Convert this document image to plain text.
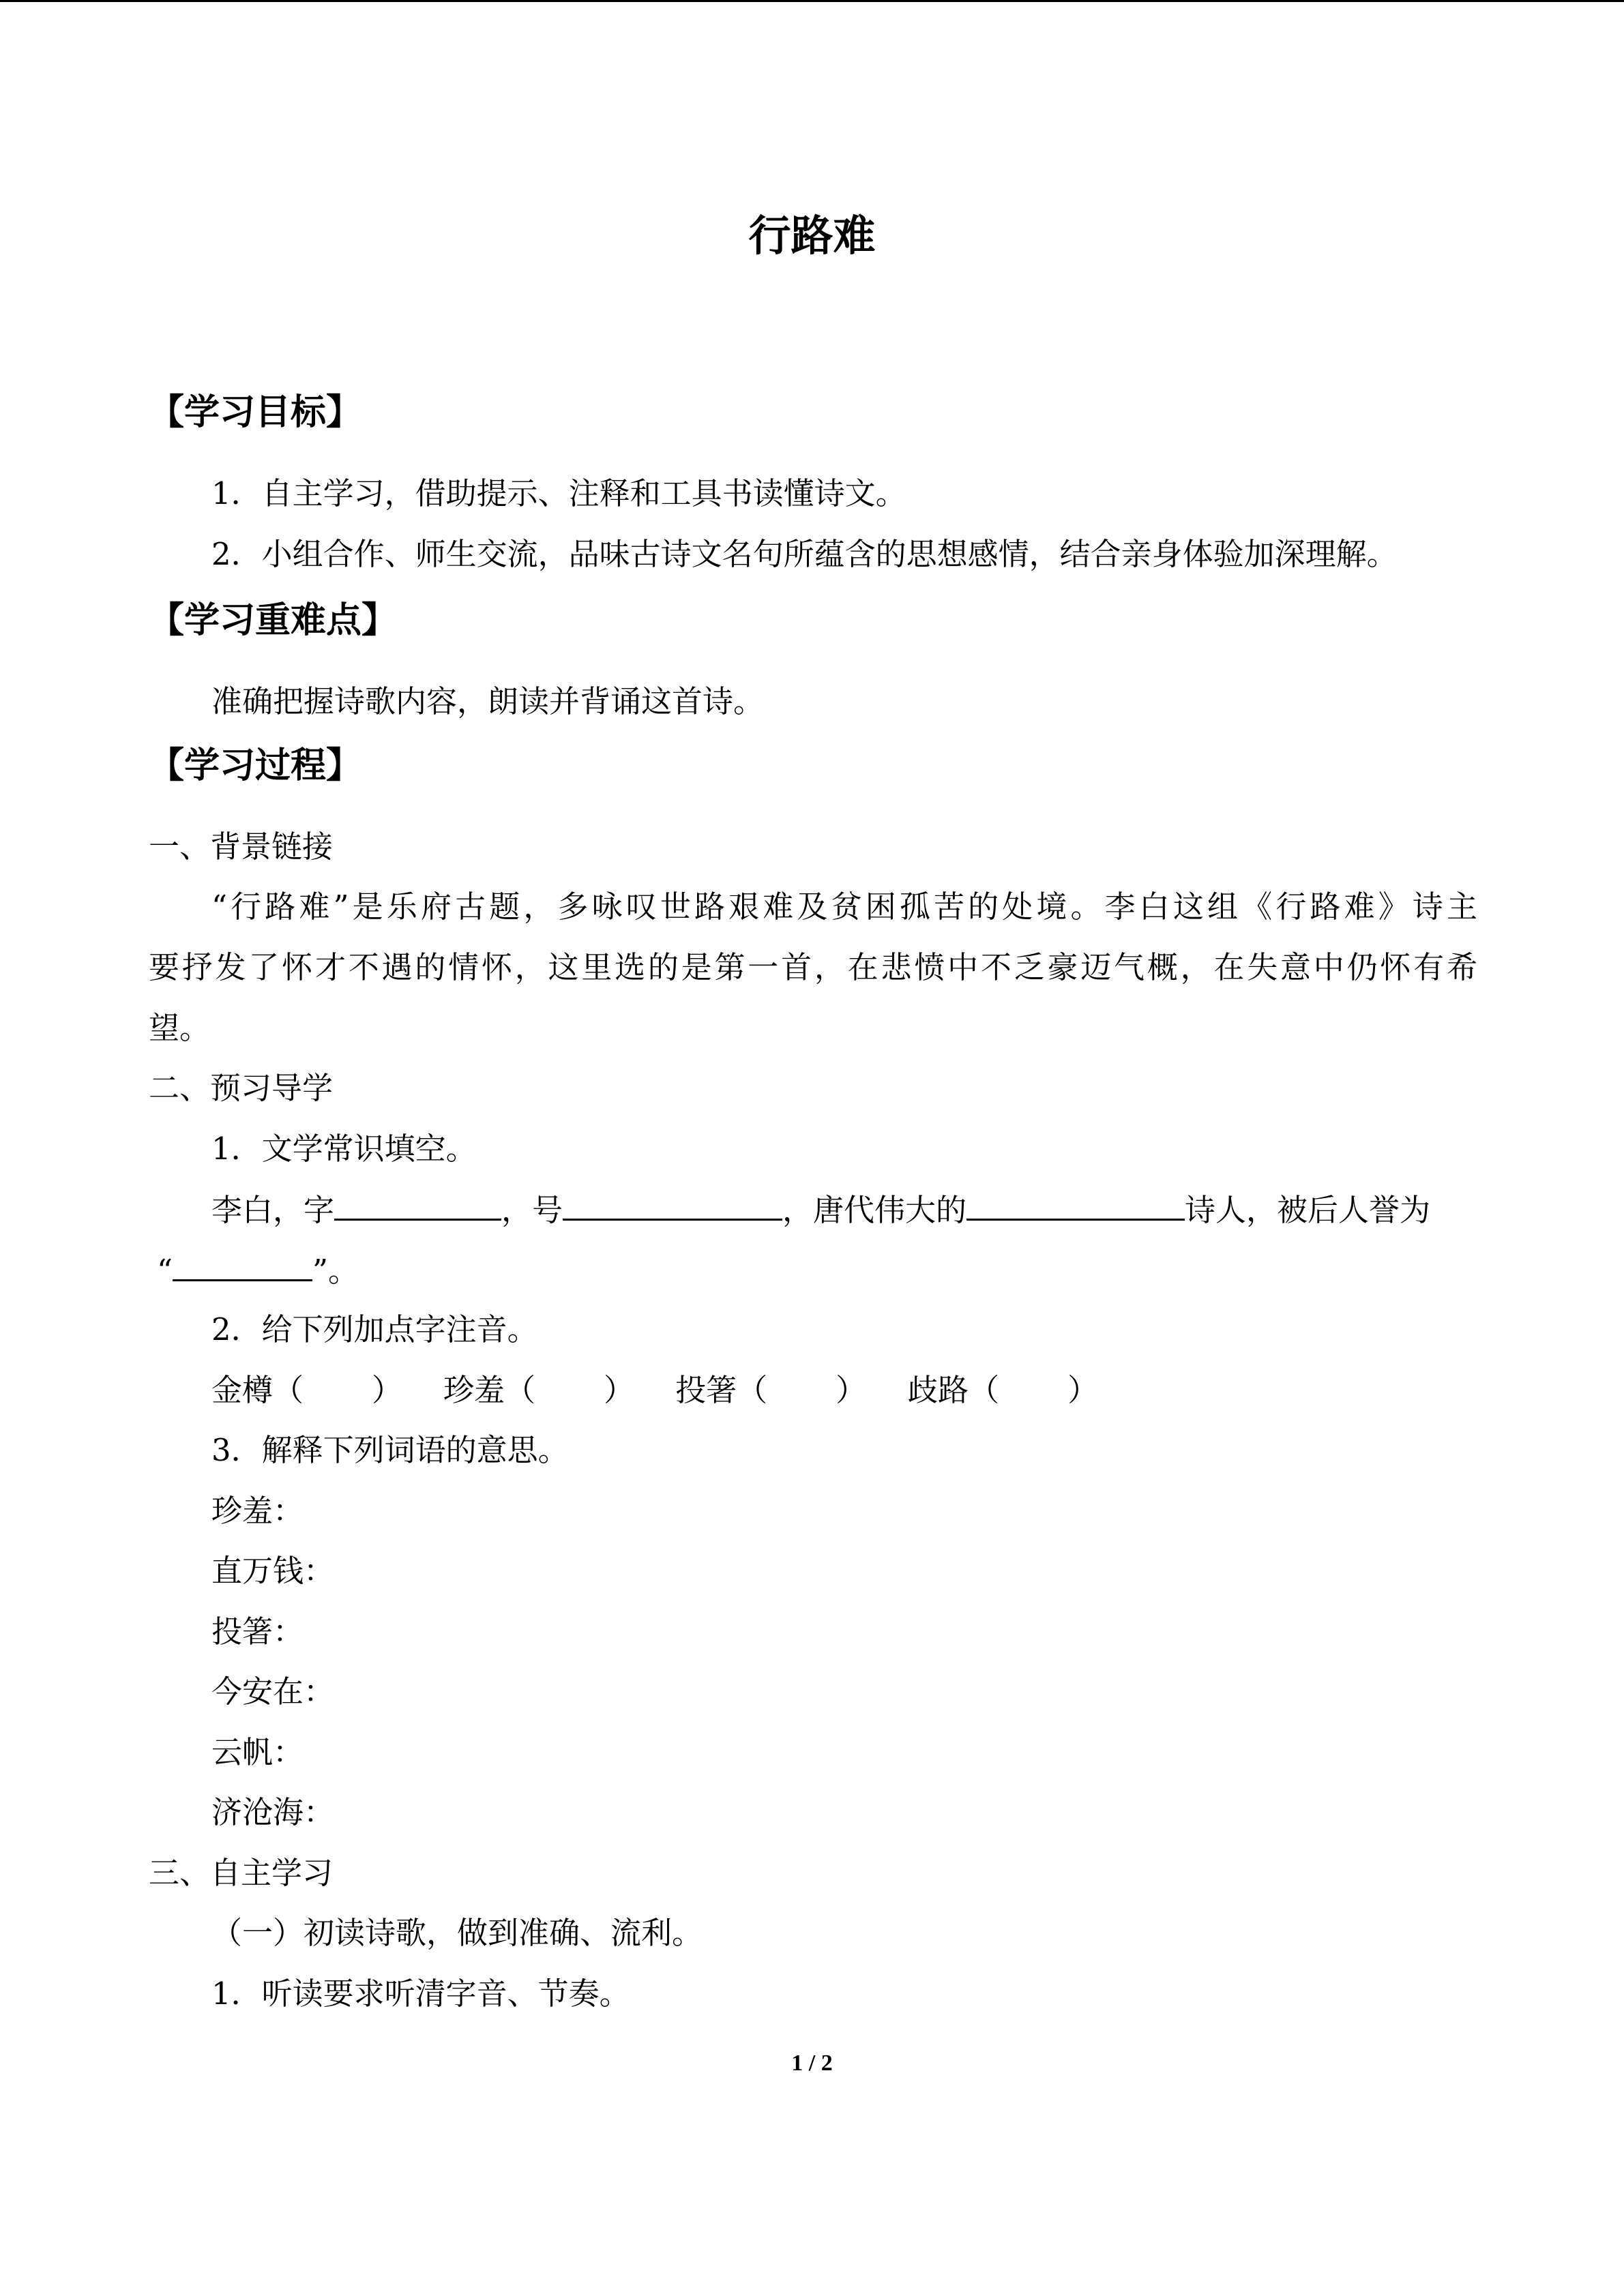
行路难
【学习目标】
1．自主学习，借助提示、注释和工具书读懂诗文。
2．小组合作、师生交流，品味古诗文名句所蕴含的思想感情，结合亲身体验加深理解。
【学习重难点】
准确把握诗歌内容，朗读并背诵这首诗。
【学习过程】
一、背景链接
“行路难”是乐府古题，多咏叹世路艰难及贫困孤苦的处境。李白这组《行路难》诗主
要抒发了怀才不遇的情怀，这里选的是第一首，在悲愤中不乏豪迈气概，在失意中仍怀有希
望。
二、预习导学
1．文学常识填空。
李白，字	，号	，唐代伟大的	诗人，被后人誉为
“	”。
2．给下列加点字注音。
金樽（ ） 珍羞（ ） 投箸（ ） 歧路（ ）
3．解释下列词语的意思。
珍羞：
直万钱：
投箸：
今安在：
云帆：
济沧海：
三、自主学习
（一）初读诗歌，做到准确、流利。
1．听读要求听清字音、节奏。
1 / 2
